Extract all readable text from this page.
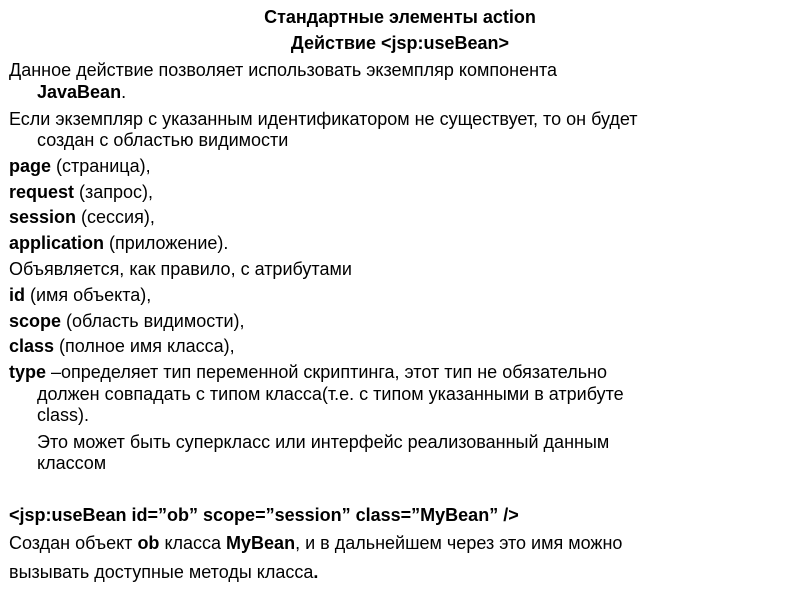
Стандартные элементы action
Действие <jsp:useBean>
Данное действие позволяет использовать экземпляр компонента
JavaBean.
Если экземпляр с указанным идентификатором не существует, то он будет
создан с областью видимости
page (страница),
request (запрос),
session (сессия),
application (приложение).
Объявляется, как правило, с атрибутами
id (имя объекта),
scope (область видимости),
class (полное имя класса),
type –определяет тип переменной скриптинга, этот тип не обязательно
должен совпадать с типом класса(т.е. с типом указанными в атрибуте
class).
Это может быть суперкласс или интерфейс реализованный данным
классом
<jsp:useBean id=”ob” scope=”session” class=”MyBean” />
Создан объект ob класса MyBean, и в дальнейшем через это имя можно
вызывать доступные методы класса.
